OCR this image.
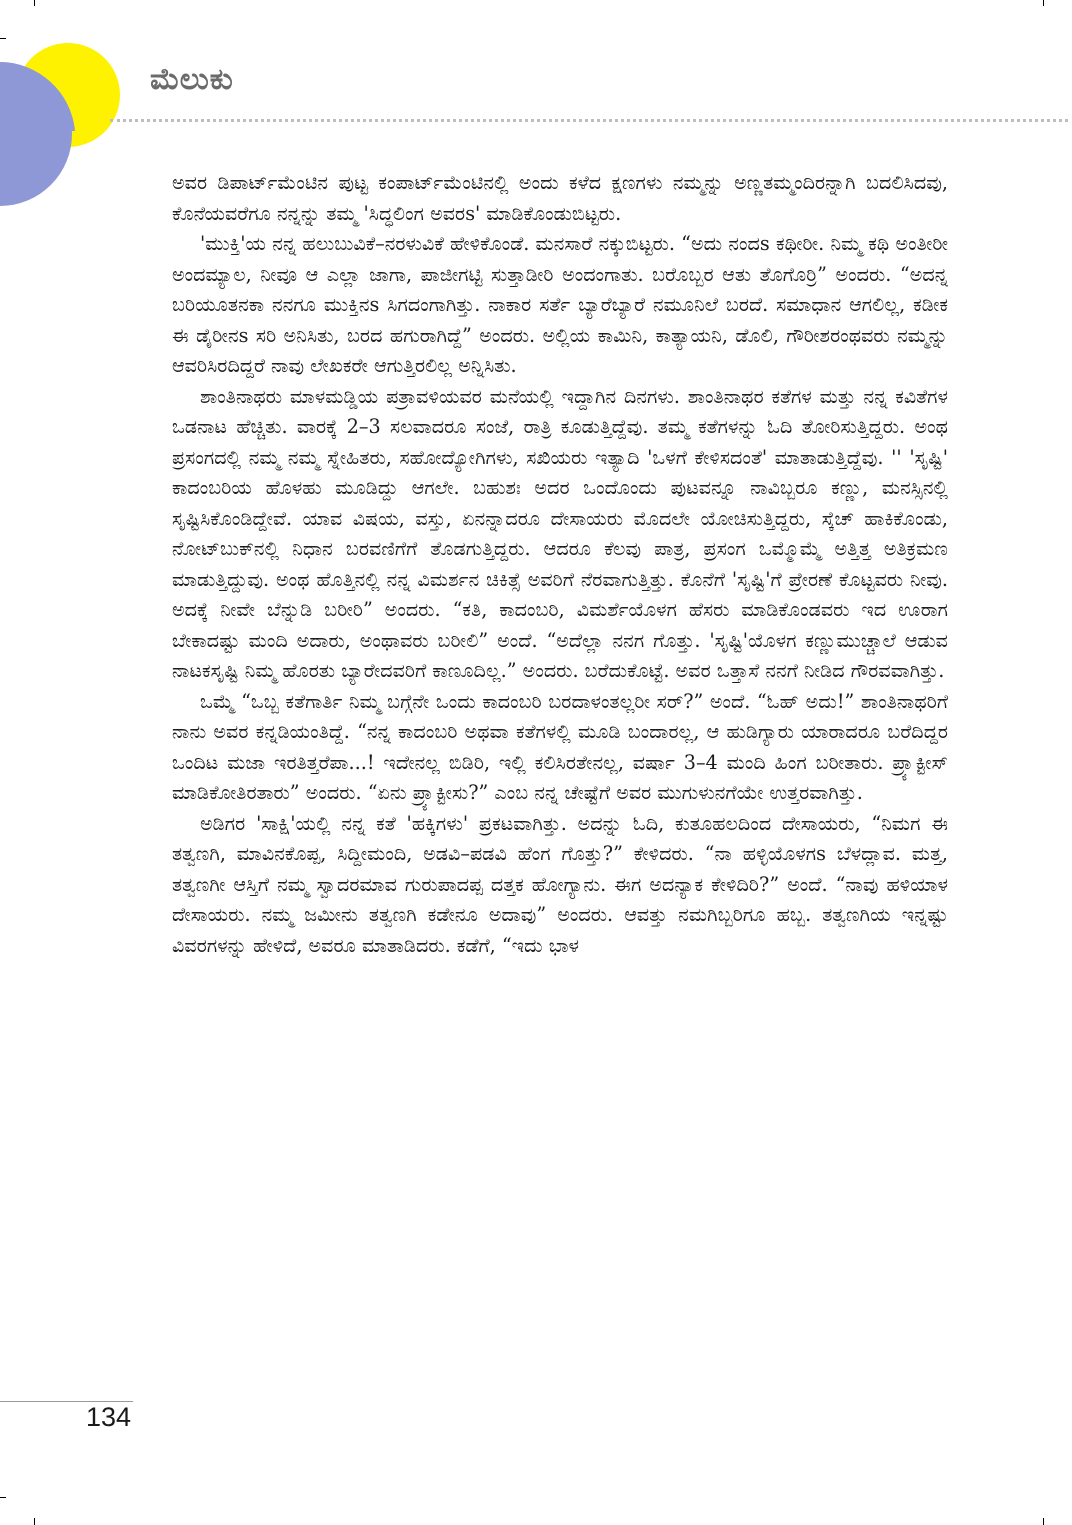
ಮೆಲುಕು

ಅವರ ಡಿಪಾರ್ಟ್‌ಮೆಂಟಿನ ಪುಟ್ಟ ಕಂಪಾರ್ಟ್‌ಮೆಂಟಿನಲ್ಲಿ ಅಂದು ಕಳೆದ ಕ್ಷಣಗಳು ನಮ್ಮನ್ನು ಅಣ್ಣತಮ್ಮಂದಿರನ್ನಾಗಿ ಬದಲಿಸಿದವು, ಕೊನೆಯವರೆಗೂ ನನ್ನನ್ನು ತಮ್ಮ 'ಸಿದ್ಧಲಿಂಗ ಅವರs' ಮಾಡಿಕೊಂಡುಬಿಟ್ಟರು.

'ಮುಕ್ತಿ'ಯ ನನ್ನ ಹಲುಬುವಿಕೆ–ನರಳುವಿಕೆ ಹೇಳಿಕೊಂಡೆ. ಮನಸಾರೆ ನಕ್ಕುಬಿಟ್ಟರು. “ಅದು ನಂದs ಕಥೀರೀ. ನಿಮ್ಮ ಕಥಿ ಅಂತೀರೀ ಅಂದಮ್ಯಾಲ, ನೀವೂ ಆ ಎಲ್ಲಾ ಜಾಗಾ, ಪಾಜೀಗಟ್ಟಿ ಸುತ್ತಾಡೀರಿ ಅಂದಂಗಾತು. ಬರೊಬ್ಬರ ಆತು ತೊಗೊರ್ರಿ” ಅಂದರು. “ಅದನ್ನ ಬರಿಯೂತನಕಾ ನನಗೂ ಮುಕ್ತಿನs ಸಿಗದಂಗಾಗಿತ್ತು. ನಾಕಾರ ಸರ್ತೆ ಬ್ಯಾರೆಬ್ಯಾರೆ ನಮೂನಿಲೆ ಬರದೆ. ಸಮಾಧಾನ ಆಗಲಿಲ್ಲ, ಕಡೀಕ ಈ ಡೈರೀನs ಸರಿ ಅನಿಸಿತು, ಬರದ ಹಗುರಾಗಿದ್ದೆ” ಅಂದರು. ಅಲ್ಲಿಯ ಕಾಮಿನಿ, ಕಾತ್ಯಾಯನಿ, ಡೊಲಿ, ಗೌರೀಶರಂಥವರು ನಮ್ಮನ್ನು ಆವರಿಸಿರದಿದ್ದರೆ ನಾವು ಲೇಖಕರೇ ಆಗುತ್ತಿರಲಿಲ್ಲ ಅನ್ನಿಸಿತು.

ಶಾಂತಿನಾಥರು ಮಾಳಮಡ್ಡಿಯ ಪತ್ರಾವಳಿಯವರ ಮನೆಯಲ್ಲಿ ಇದ್ದಾಗಿನ ದಿನಗಳು. ಶಾಂತಿನಾಥರ ಕತೆಗಳ ಮತ್ತು ನನ್ನ ಕವಿತೆಗಳ ಒಡನಾಟ ಹೆಚ್ಚಿತು. ವಾರಕ್ಕೆ 2–3 ಸಲವಾದರೂ ಸಂಜೆ, ರಾತ್ರಿ ಕೂಡುತ್ತಿದ್ದೆವು. ತಮ್ಮ ಕತೆಗಳನ್ನು ಓದಿ ತೋರಿಸುತ್ತಿದ್ದರು. ಅಂಥ ಪ್ರಸಂಗದಲ್ಲಿ ನಮ್ಮ ನಮ್ಮ ಸ್ನೇಹಿತರು, ಸಹೋದ್ಯೋಗಿಗಳು, ಸಖಿಯರು ಇತ್ಯಾದಿ 'ಒಳಗೆ ಕೇಳಿಸದಂತೆ' ಮಾತಾಡುತ್ತಿದ್ದೆವು. '' 'ಸೃಷ್ಟಿ' ಕಾದಂಬರಿಯ ಹೊಳಹು ಮೂಡಿದ್ದು ಆಗಲೇ. ಬಹುಶಃ ಅದರ ಒಂದೊಂದು ಪುಟವನ್ನೂ ನಾವಿಬ್ಬರೂ ಕಣ್ಣು, ಮನಸ್ಸಿನಲ್ಲಿ ಸೃಷ್ಟಿಸಿಕೊಂಡಿದ್ದೇವೆ. ಯಾವ ವಿಷಯ, ವಸ್ತು, ಏನನ್ನಾದರೂ ದೇಸಾಯರು ಮೊದಲೇ ಯೋಚಿಸುತ್ತಿದ್ದರು, ಸ್ಕೆಚ್ ಹಾಕಿಕೊಂಡು, ನೋಟ್‌ಬುಕ್‌ನಲ್ಲಿ ನಿಧಾನ ಬರವಣಿಗೆಗೆ ತೊಡಗುತ್ತಿದ್ದರು. ಆದರೂ ಕೆಲವು ಪಾತ್ರ, ಪ್ರಸಂಗ ಒಮ್ಮೊಮ್ಮೆ ಅತ್ತಿತ್ತ ಅತಿಕ್ರಮಣ ಮಾಡುತ್ತಿದ್ದುವು. ಅಂಥ ಹೊತ್ತಿನಲ್ಲಿ ನನ್ನ ವಿಮರ್ಶನ ಚಿಕಿತ್ಸೆ ಅವರಿಗೆ ನೆರವಾಗುತ್ತಿತ್ತು. ಕೊನೆಗೆ 'ಸೃಷ್ಟಿ'ಗೆ ಪ್ರೇರಣೆ ಕೊಟ್ಟವರು ನೀವು. ಅದಕ್ಕೆ ನೀವೇ ಬೆನ್ನುಡಿ ಬರೀರಿ” ಅಂದರು. “ಕತಿ, ಕಾದಂಬರಿ, ವಿಮರ್ಶೆಯೊಳಗ ಹೆಸರು ಮಾಡಿಕೊಂಡವರು ಇದ ಊರಾಗ ಬೇಕಾದಷ್ಟು ಮಂದಿ ಅದಾರು, ಅಂಥಾವರು ಬರೀಲಿ” ಅಂದೆ. “ಅದೆಲ್ಲಾ ನನಗ ಗೊತ್ತು. 'ಸೃಷ್ಟಿ'ಯೊಳಗ ಕಣ್ಣುಮುಚ್ಚಾಲೆ ಆಡುವ ನಾಟಕಸೃಷ್ಟಿ ನಿಮ್ಮ ಹೊರತು ಬ್ಯಾರೇದವರಿಗೆ ಕಾಣೂದಿಲ್ಲ.” ಅಂದರು. ಬರೆದುಕೊಟ್ಟೆ. ಅವರ ಒತ್ತಾಸೆ ನನಗೆ ನೀಡಿದ ಗೌರವವಾಗಿತ್ತು.

ಒಮ್ಮೆ “ಒಬ್ಬ ಕತೆಗಾರ್ತಿ ನಿಮ್ಮ ಬಗ್ಗೆನೇ ಒಂದು ಕಾದಂಬರಿ ಬರದಾಳಂತಲ್ಲರೀ ಸರ್?” ಅಂದೆ. “ಓಹ್ ಅದು!” ಶಾಂತಿನಾಥರಿಗೆ ನಾನು ಅವರ ಕನ್ನಡಿಯಂತಿದ್ದೆ. “ನನ್ನ ಕಾದಂಬರಿ ಅಥವಾ ಕತೆಗಳಲ್ಲಿ ಮೂಡಿ ಬಂದಾರಲ್ಲ, ಆ ಹುಡಿಗ್ಯಾರು ಯಾರಾದರೂ ಬರೆದಿದ್ದರ ಒಂದಿಟ ಮಜಾ ಇರತಿತ್ತರೆಪಾ...! ಇದೇನಲ್ಲ ಬಿಡಿರಿ, ಇಲ್ಲಿ ಕಲಿಸಿರತೇನಲ್ಲ, ವರ್ಷಾ 3–4 ಮಂದಿ ಹಿಂಗ ಬರೀತಾರು. ಪ್ರ್ಯಾಕ್ಟೀಸ್ ಮಾಡಿಕೋತಿರತಾರು” ಅಂದರು. “ಏನು ಪ್ರ್ಯಾಕ್ಟೀಸು?” ಎಂಬ ನನ್ನ ಚೇಷ್ಟೆಗೆ ಅವರ ಮುಗುಳುನಗೆಯೇ ಉತ್ತರವಾಗಿತ್ತು.

ಅಡಿಗರ 'ಸಾಕ್ಷಿ'ಯಲ್ಲಿ ನನ್ನ ಕತೆ 'ಹಕ್ಕಿಗಳು' ಪ್ರಕಟವಾಗಿತ್ತು. ಅದನ್ನು ಓದಿ, ಕುತೂಹಲದಿಂದ ದೇಸಾಯರು, “ನಿಮಗ ಈ ತತ್ವಣಗಿ, ಮಾವಿನಕೊಪ್ಪ, ಸಿದ್ದೀಮಂದಿ, ಅಡವಿ–ಪಡವಿ ಹೆಂಗ ಗೊತ್ತು?” ಕೇಳಿದರು. “ನಾ ಹಳ್ಳಿಯೊಳಗs ಬೆಳದ್ಲಾವ. ಮತ್ತ, ತತ್ವಣಗೀ ಆಸ್ತಿಗೆ ನಮ್ಮ ಸ್ವಾದರಮಾವ ಗುರುಪಾದಪ್ಪ ದತ್ತಕ ಹೋಗ್ಯಾನು. ಈಗ ಅದನ್ಯಾಕ ಕೇಳಿದಿರಿ?” ಅಂದೆ. “ನಾವು ಹಳಿಯಾಳ ದೇಸಾಯರು. ನಮ್ಮ ಜಮೀನು ತತ್ವಣಗಿ ಕಡೇನೂ ಅದಾವು” ಅಂದರು. ಆವತ್ತು ನಮಗಿಬ್ಬರಿಗೂ ಹಬ್ಬ. ತತ್ವಣಗಿಯ ಇನ್ನಷ್ಟು ವಿವರಗಳನ್ನು ಹೇಳಿದೆ, ಅವರೂ ಮಾತಾಡಿದರು. ಕಡೆಗೆ, “ಇದು ಭಾಳ

134
